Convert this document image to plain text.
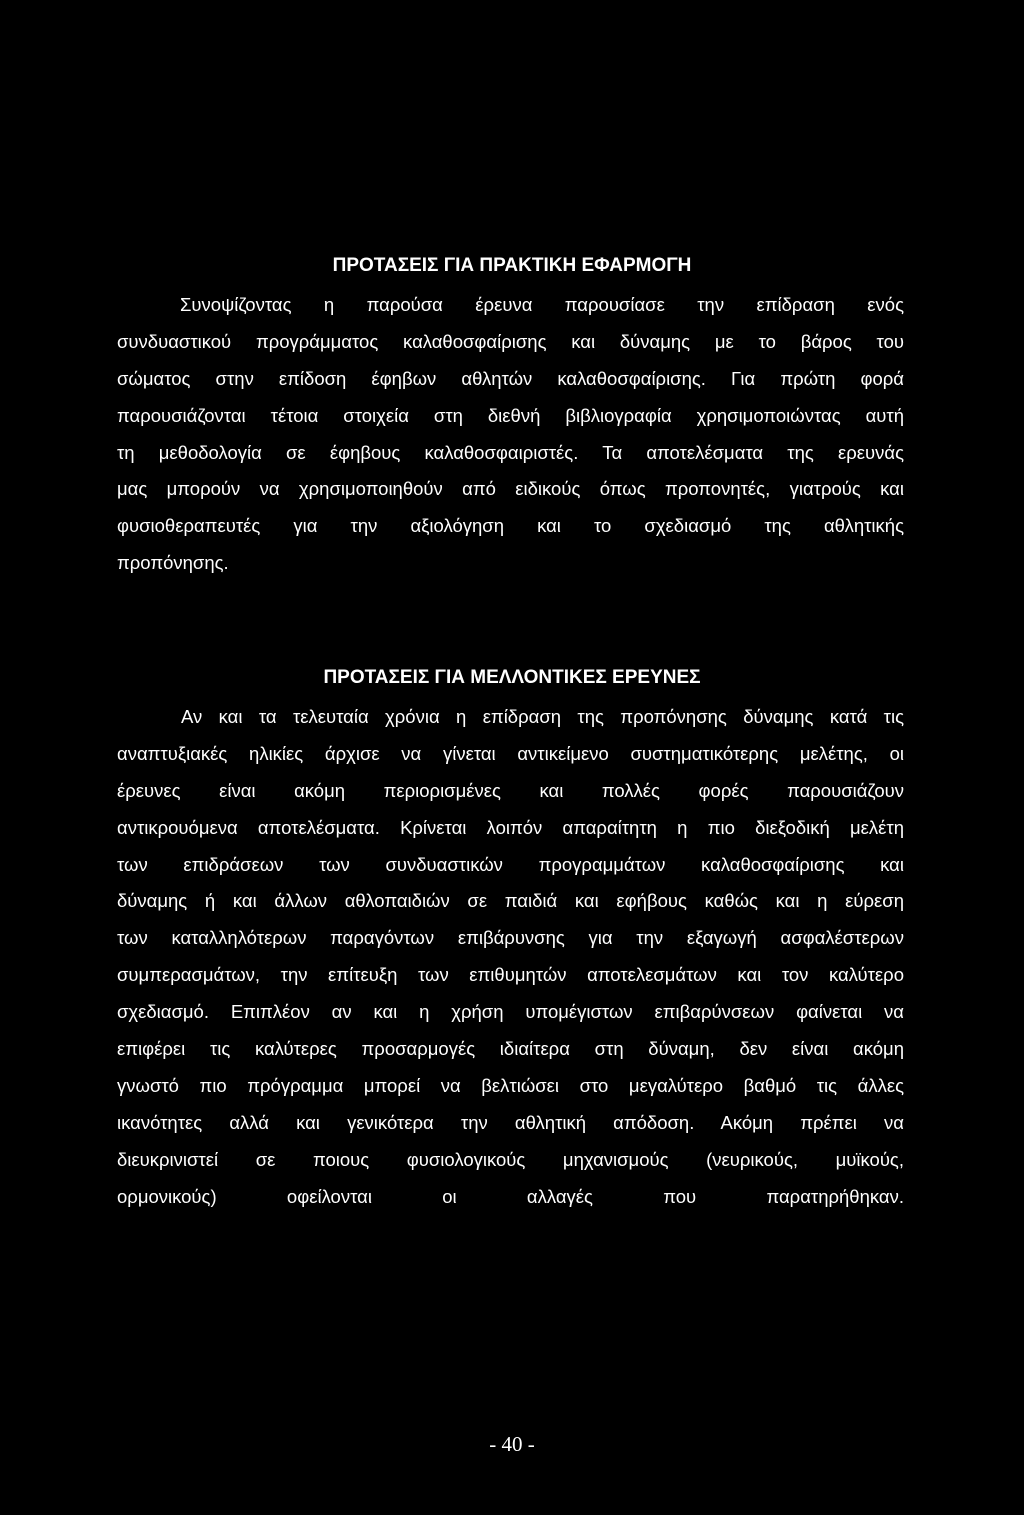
ΠΡΟΤΑΣΕΙΣ ΓΙΑ ΠΡΑΚΤΙΚΗ ΕΦΑΡΜΟΓΗ
Συνοψίζοντας η παρούσα έρευνα παρουσίασε την επίδραση ενός
συνδυαστικού προγράμματος καλαθοσφαίρισης και δύναμης με το βάρος του
σώματος στην επίδοση έφηβων αθλητών καλαθοσφαίρισης. Για πρώτη φορά
παρουσιάζονται τέτοια στοιχεία στη διεθνή βιβλιογραφία χρησιμοποιώντας αυτή
τη μεθοδολογία σε έφηβους καλαθοσφαιριστές. Τα αποτελέσματα της ερευνάς
μας μπορούν να χρησιμοποιηθούν από ειδικούς όπως προπονητές, γιατρούς και
φυσιοθεραπευτές για την αξιολόγηση και το σχεδιασμό της αθλητικής
προπόνησης.
ΠΡΟΤΑΣΕΙΣ ΓΙΑ ΜΕΛΛΟΝΤΙΚΕΣ ΕΡΕΥΝΕΣ
Αν και τα τελευταία χρόνια η επίδραση της προπόνησης δύναμης κατά τις
αναπτυξιακές ηλικίες άρχισε να γίνεται αντικείμενο συστηματικότερης μελέτης, οι
έρευνες είναι ακόμη περιορισμένες και πολλές φορές παρουσιάζουν
αντικρουόμενα αποτελέσματα. Κρίνεται λοιπόν απαραίτητη η πιο διεξοδική μελέτη
των επιδράσεων των συνδυαστικών προγραμμάτων καλαθοσφαίρισης και
δύναμης ή και άλλων αθλοπαιδιών σε παιδιά και εφήβους καθώς και η εύρεση
των καταλληλότερων παραγόντων επιβάρυνσης για την εξαγωγή ασφαλέστερων
συμπερασμάτων, την επίτευξη των επιθυμητών αποτελεσμάτων και τον καλύτερο
σχεδιασμό. Επιπλέον αν και η χρήση υπομέγιστων επιβαρύνσεων φαίνεται να
επιφέρει τις καλύτερες προσαρμογές ιδιαίτερα στη δύναμη, δεν είναι ακόμη
γνωστό πιο πρόγραμμα μπορεί να βελτιώσει στο μεγαλύτερο βαθμό τις άλλες
ικανότητες αλλά και γενικότερα την αθλητική απόδοση. Ακόμη πρέπει να
διευκρινιστεί σε ποιους φυσιολογικούς μηχανισμούς (νευρικούς, μυϊκούς,
ορμονικούς) οφείλονται οι αλλαγές που παρατηρήθηκαν.

- 40 -
